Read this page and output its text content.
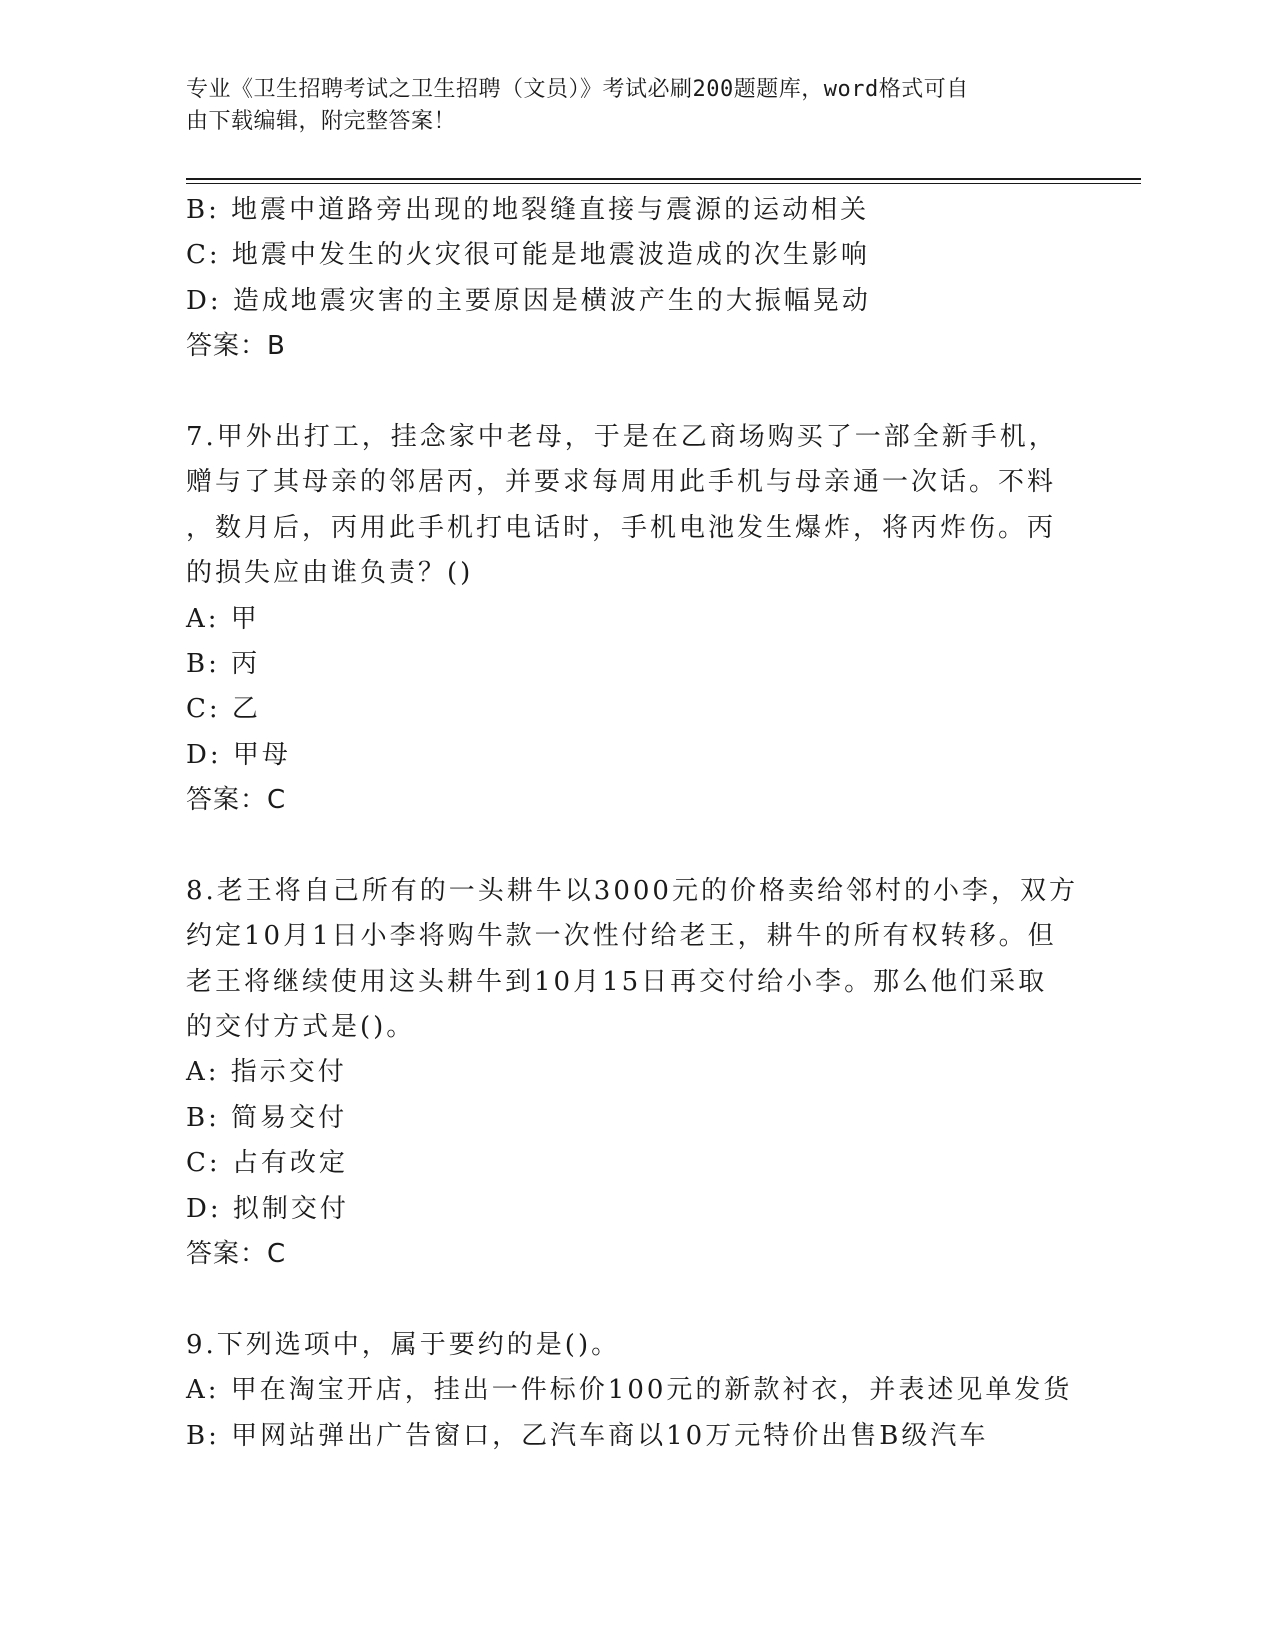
专业《卫生招聘考试之卫生招聘（文员）》考试必刷200题题库，word格式可自

由下载编辑，附完整答案！

B: 地震中道路旁出现的地裂缝直接与震源的运动相关

C: 地震中发生的火灾很可能是地震波造成的次生影响

D: 造成地震灾害的主要原因是横波产生的大振幅晃动

答案：B

7.甲外出打工，挂念家中老母，于是在乙商场购买了一部全新手机，

赠与了其母亲的邻居丙，并要求每周用此手机与母亲通一次话。不料

，数月后，丙用此手机打电话时，手机电池发生爆炸，将丙炸伤。丙

的损失应由谁负责？()

A: 甲

B: 丙

C: 乙

D: 甲母

答案：C

8.老王将自己所有的一头耕牛以3000元的价格卖给邻村的小李，双方

约定10月1日小李将购牛款一次性付给老王，耕牛的所有权转移。但

老王将继续使用这头耕牛到10月15日再交付给小李。那么他们采取

的交付方式是()。

A: 指示交付

B: 简易交付

C: 占有改定

D: 拟制交付

答案：C

9.下列选项中，属于要约的是()。

A: 甲在淘宝开店，挂出一件标价100元的新款衬衣，并表述见单发货

B: 甲网站弹出广告窗口，乙汽车商以10万元特价出售B级汽车
